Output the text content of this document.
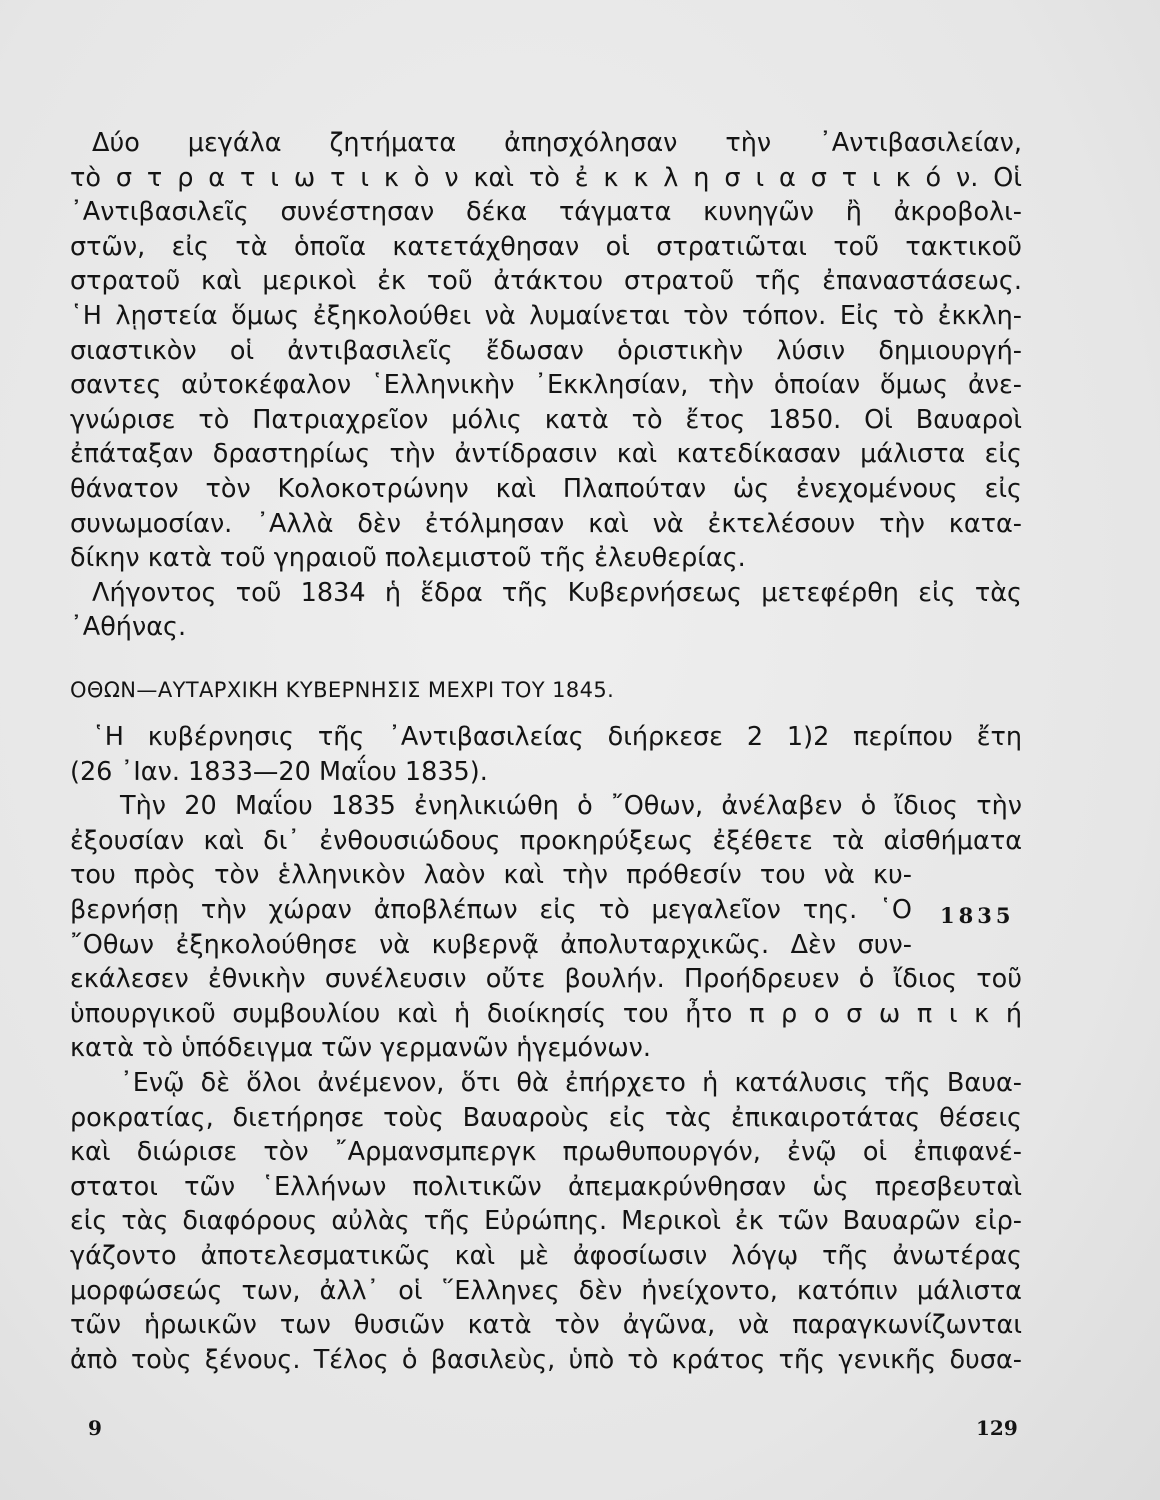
Δύο μεγάλα ζητήματα ἀπησχόλησαν τὴν ᾿Αντιβασιλείαν,
τὸ σ τ ρ α τ ι ω τ ι κ ὸ ν καὶ τὸ ἐ κ κ λ η σ ι α σ τ ι κ ό ν. Οἱ
᾿Αντιβασιλεῖς συνέστησαν δέκα τάγματα κυνηγῶν ἢ ἀκροβολι-
στῶν, εἰς τὰ ὁποῖα κατετάχθησαν οἱ στρατιῶται τοῦ τακτικοῦ
στρατοῦ καὶ μερικοὶ ἐκ τοῦ ἀτάκτου στρατοῦ τῆς ἐπαναστάσεως.
῾Η λῃστεία ὅμως ἐξηκολούθει νὰ λυμαίνεται τὸν τόπον. Εἰς τὸ ἐκκλη-
σιαστικὸν οἱ ἀντιβασιλεῖς ἔδωσαν ὁριστικὴν λύσιν δημιουργή-
σαντες αὐτοκέφαλον ῾Ελληνικὴν ᾿Εκκλησίαν, τὴν ὁποίαν ὅμως ἀνε-
γνώρισε τὸ Πατριαχρεῖον μόλις κατὰ τὸ ἔτος 1850. Οἱ Βαυαροὶ
ἐπάταξαν δραστηρίως τὴν ἀντίδρασιν καὶ κατεδίκασαν μάλιστα εἰς
θάνατον τὸν Κολοκοτρώνην καὶ Πλαπούταν ὡς ἐνεχομένους εἰς
συνωμοσίαν. ᾿Αλλὰ δὲν ἐτόλμησαν καὶ νὰ ἐκτελέσουν τὴν κατα-
δίκην κατὰ τοῦ γηραιοῦ πολεμιστοῦ τῆς ἐλευθερίας.
Λήγοντος τοῦ 1834 ἡ ἕδρα τῆς Κυβερνήσεως μετεφέρθη εἰς τὰς
᾿Αθήνας.
ΟΘΩΝ—ΑΥΤΑΡΧΙΚΗ ΚΥΒΕΡΝΗΣΙΣ ΜΕΧΡΙ ΤΟΥ 1845.
῾Η κυβέρνησις τῆς ᾿Αντιβασιλείας διήρκεσε 2 1)2 περίπου ἔτη
(26 ᾿Ιαν. 1833—20 Μαΐου 1835).
Τὴν 20 Μαΐου 1835 ἐνηλικιώθη ὁ ῎Οθων, ἀνέλαβεν ὁ ἴδιος τὴν
ἐξουσίαν καὶ δι᾿ ἐνθουσιώδους προκηρύξεως ἐξέθετε τὰ αἰσθήματα
του πρὸς τὸν ἑλληνικὸν λαὸν καὶ τὴν πρόθεσίν του νὰ κυ-
βερνήσῃ τὴν χώραν ἀποβλέπων εἰς τὸ μεγαλεῖον της. ῾Ο
῎Οθων ἐξηκολούθησε νὰ κυβερνᾷ ἀπολυταρχικῶς. Δὲν συν-
εκάλεσεν ἐθνικὴν συνέλευσιν οὔτε βουλήν. Προήδρευεν ὁ ἴδιος τοῦ
ὑπουργικοῦ συμβουλίου καὶ ἡ διοίκησίς του ἦτο π ρ ο σ ω π ι κ ή
κατὰ τὸ ὑπόδειγμα τῶν γερμανῶν ἡγεμόνων.
᾿Ενῷ δὲ ὅλοι ἀνέμενον, ὅτι θὰ ἐπήρχετο ἡ κατάλυσις τῆς Βαυα-
ροκρατίας, διετήρησε τοὺς Βαυαροὺς εἰς τὰς ἐπικαιροτάτας θέσεις
καὶ διώρισε τὸν ῎Αρμανσμπεργκ πρωθυπουργόν, ἐνῷ οἱ ἐπιφανέ-
στατοι τῶν ῾Ελλήνων πολιτικῶν ἀπεμακρύνθησαν ὡς πρεσβευταὶ
εἰς τὰς διαφόρους αὐλὰς τῆς Εὐρώπης. Μερικοὶ ἐκ τῶν Βαυαρῶν εἰρ-
γάζοντο ἀποτελεσματικῶς καὶ μὲ ἀφοσίωσιν λόγῳ τῆς ἀνωτέρας
μορφώσεώς των, ἀλλ᾿ οἱ ῞Ελληνες δὲν ἠνείχοντο, κατόπιν μάλιστα
τῶν ἡρωικῶν των θυσιῶν κατὰ τὸν ἀγῶνα, νὰ παραγκωνίζωνται
ἀπὸ τοὺς ξένους. Τέλος ὁ βασιλεὺς, ὑπὸ τὸ κράτος τῆς γενικῆς δυσα-
1835
9	129
